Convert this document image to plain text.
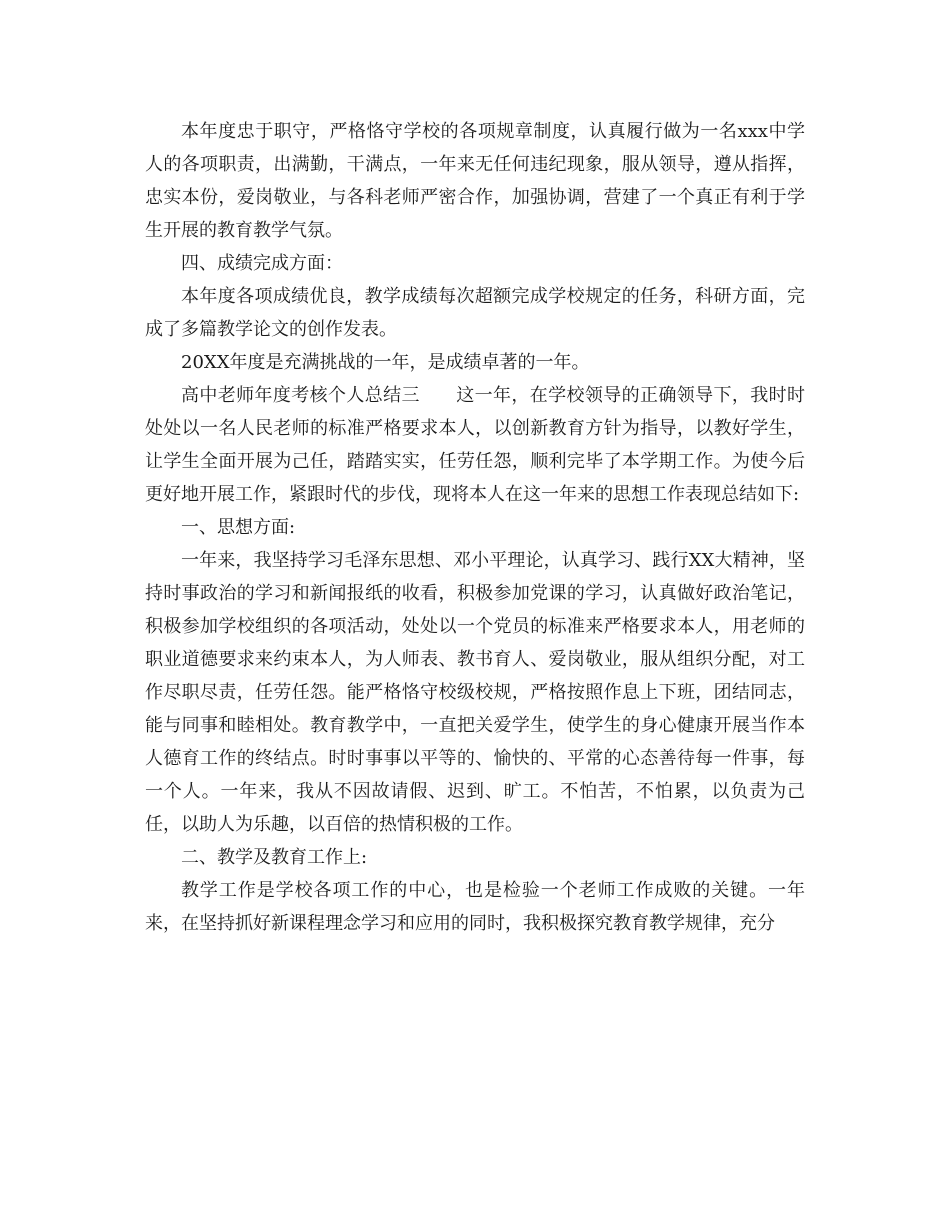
本年度忠于职守，严格恪守学校的各项规章制度，认真履行做为一名xxx中学人的各项职责，出满勤，干满点，一年来无任何违纪现象，服从领导，遵从指挥，忠实本份，爱岗敬业，与各科老师严密合作，加强协调，营建了一个真正有利于学生开展的教育教学气氛。

四、成绩完成方面：

本年度各项成绩优良，教学成绩每次超额完成学校规定的任务，科研方面，完成了多篇教学论文的创作发表。

20XX年度是充满挑战的一年，是成绩卓著的一年。

高中老师年度考核个人总结三 这一年，在学校领导的正确领导下，我时时处处以一名人民老师的标准严格要求本人，以创新教育方针为指导，以教好学生，让学生全面开展为己任，踏踏实实，任劳任怨，顺利完毕了本学期工作。为使今后更好地开展工作，紧跟时代的步伐，现将本人在这一年来的思想工作表现总结如下:

一、思想方面:

一年来，我坚持学习毛泽东思想、邓小平理论，认真学习、践行XX大精神，坚持时事政治的学习和新闻报纸的收看，积极参加党课的学习，认真做好政治笔记，积极参加学校组织的各项活动，处处以一个党员的标准来严格要求本人，用老师的职业道德要求来约束本人，为人师表、教书育人、爱岗敬业，服从组织分配，对工作尽职尽责，任劳任怨。能严格恪守校级校规，严格按照作息上下班，团结同志，能与同事和睦相处。教育教学中，一直把关爱学生，使学生的身心健康开展当作本人德育工作的终结点。时时事事以平等的、愉快的、平常的心态善待每一件事，每一个人。一年来，我从不因故请假、迟到、旷工。不怕苦，不怕累，以负责为己任，以助人为乐趣，以百倍的热情积极的工作。

二、教学及教育工作上:

教学工作是学校各项工作的中心，也是检验一个老师工作成败的关键。一年来，在坚持抓好新课程理念学习和应用的同时，我积极探究教育教学规律，充分
